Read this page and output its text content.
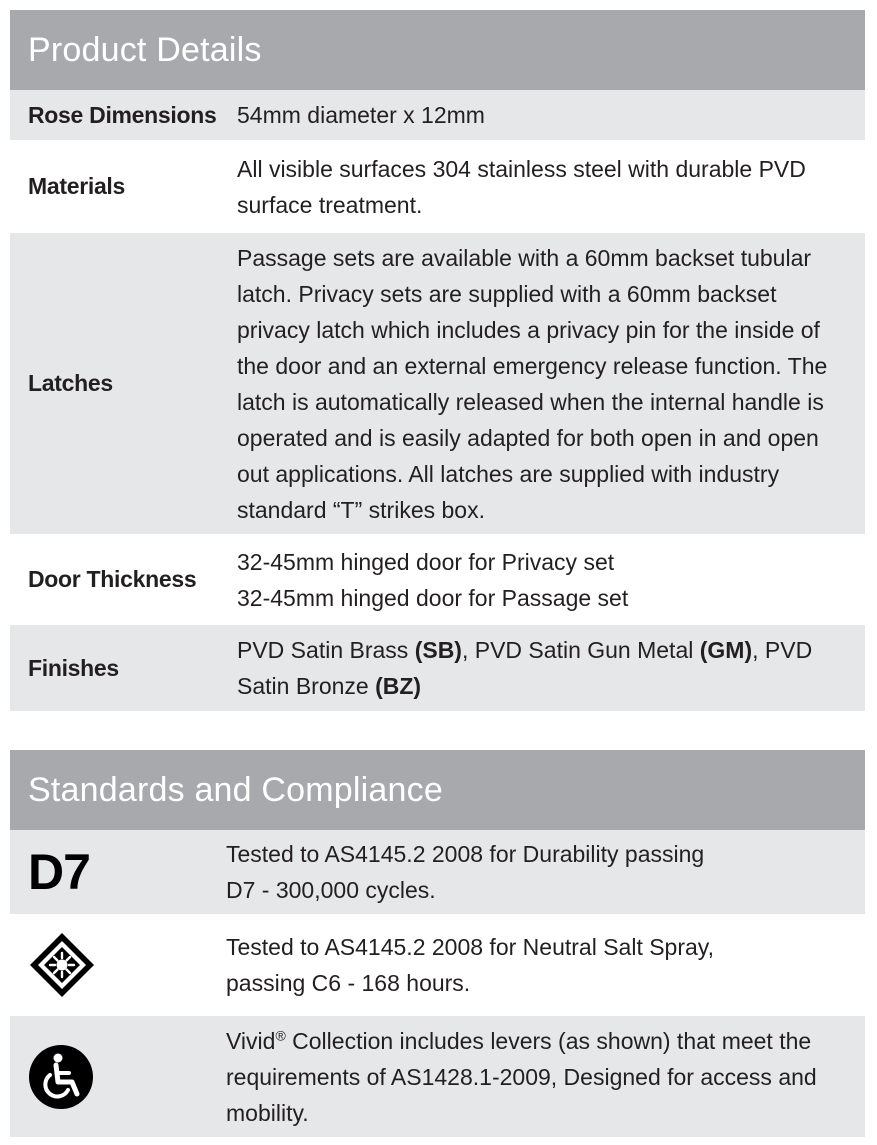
Product Details
Rose Dimensions 54mm diameter x 12mm
Materials
All visible surfaces 304 stainless steel with durable PVD surface treatment.
Latches
Passage sets are available with a 60mm backset tubular latch. Privacy sets are supplied with a 60mm backset privacy latch which includes a privacy pin for the inside of the door and an external emergency release function. The latch is automatically released when the internal handle is operated and is easily adapted for both open in and open out applications. All latches are supplied with industry standard “T” strikes box.
Door Thickness
32-45mm hinged door for Privacy set
32-45mm hinged door for Passage set
Finishes
PVD Satin Brass (SB), PVD Satin Gun Metal (GM), PVD Satin Bronze (BZ)
Standards and Compliance
D7	Tested to AS4145.2 2008 for Durability passing
D7 - 300,000 cycles.
Tested to AS4145.2 2008 for Neutral Salt Spray,
passing C6 - 168 hours.
Vivid® Collection includes levers (as shown) that meet the requirements of AS1428.1-2009, Designed for access and mobility.
